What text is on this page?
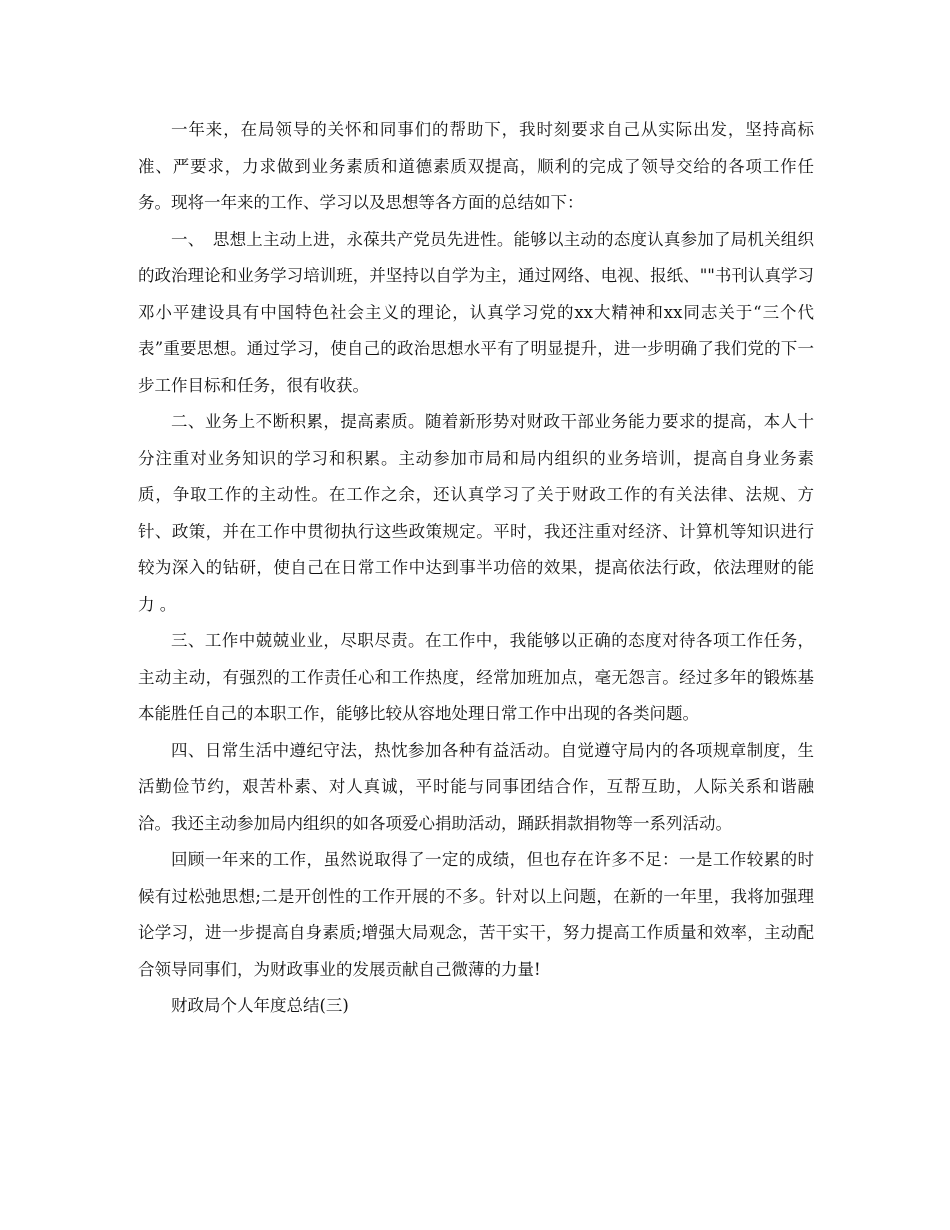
一年来，在局领导的关怀和同事们的帮助下，我时刻要求自己从实际出发，坚持高标准、严要求，力求做到业务素质和道德素质双提高，顺利的完成了领导交给的各项工作任务。现将一年来的工作、学习以及思想等各方面的总结如下：

一、　思想上主动上进，永葆共产党员先进性。能够以主动的态度认真参加了局机关组织的政治理论和业务学习培训班，并坚持以自学为主，通过网络、电视、报纸、""书刊认真学习邓小平建设具有中国特色社会主义的理论，认真学习党的xx大精神和xx同志关于“三个代表”重要思想。通过学习，使自己的政治思想水平有了明显提升，进一步明确了我们党的下一步工作目标和任务，很有收获。

二、业务上不断积累，提高素质。随着新形势对财政干部业务能力要求的提高，本人十分注重对业务知识的学习和积累。主动参加市局和局内组织的业务培训，提高自身业务素质，争取工作的主动性。在工作之余，还认真学习了关于财政工作的有关法律、法规、方针、政策，并在工作中贯彻执行这些政策规定。平时，我还注重对经济、计算机等知识进行较为深入的钻研，使自己在日常工作中达到事半功倍的效果，提高依法行政，依法理财的能力 。

三、工作中兢兢业业，尽职尽责。在工作中，我能够以正确的态度对待各项工作任务，主动主动，有强烈的工作责任心和工作热度，经常加班加点，毫无怨言。经过多年的锻炼基本能胜任自己的本职工作，能够比较从容地处理日常工作中出现的各类问题。

四、日常生活中遵纪守法，热忱参加各种有益活动。自觉遵守局内的各项规章制度，生活勤俭节约，艰苦朴素、对人真诚，平时能与同事团结合作，互帮互助，人际关系和谐融洽。我还主动参加局内组织的如各项爱心捐助活动，踊跃捐款捐物等一系列活动。

回顾一年来的工作，虽然说取得了一定的成绩，但也存在许多不足：一是工作较累的时候有过松弛思想;二是开创性的工作开展的不多。针对以上问题，在新的一年里，我将加强理论学习，进一步提高自身素质;增强大局观念，苦干实干，努力提高工作质量和效率，主动配合领导同事们，为财政事业的发展贡献自己微薄的力量!

财政局个人年度总结(三)
